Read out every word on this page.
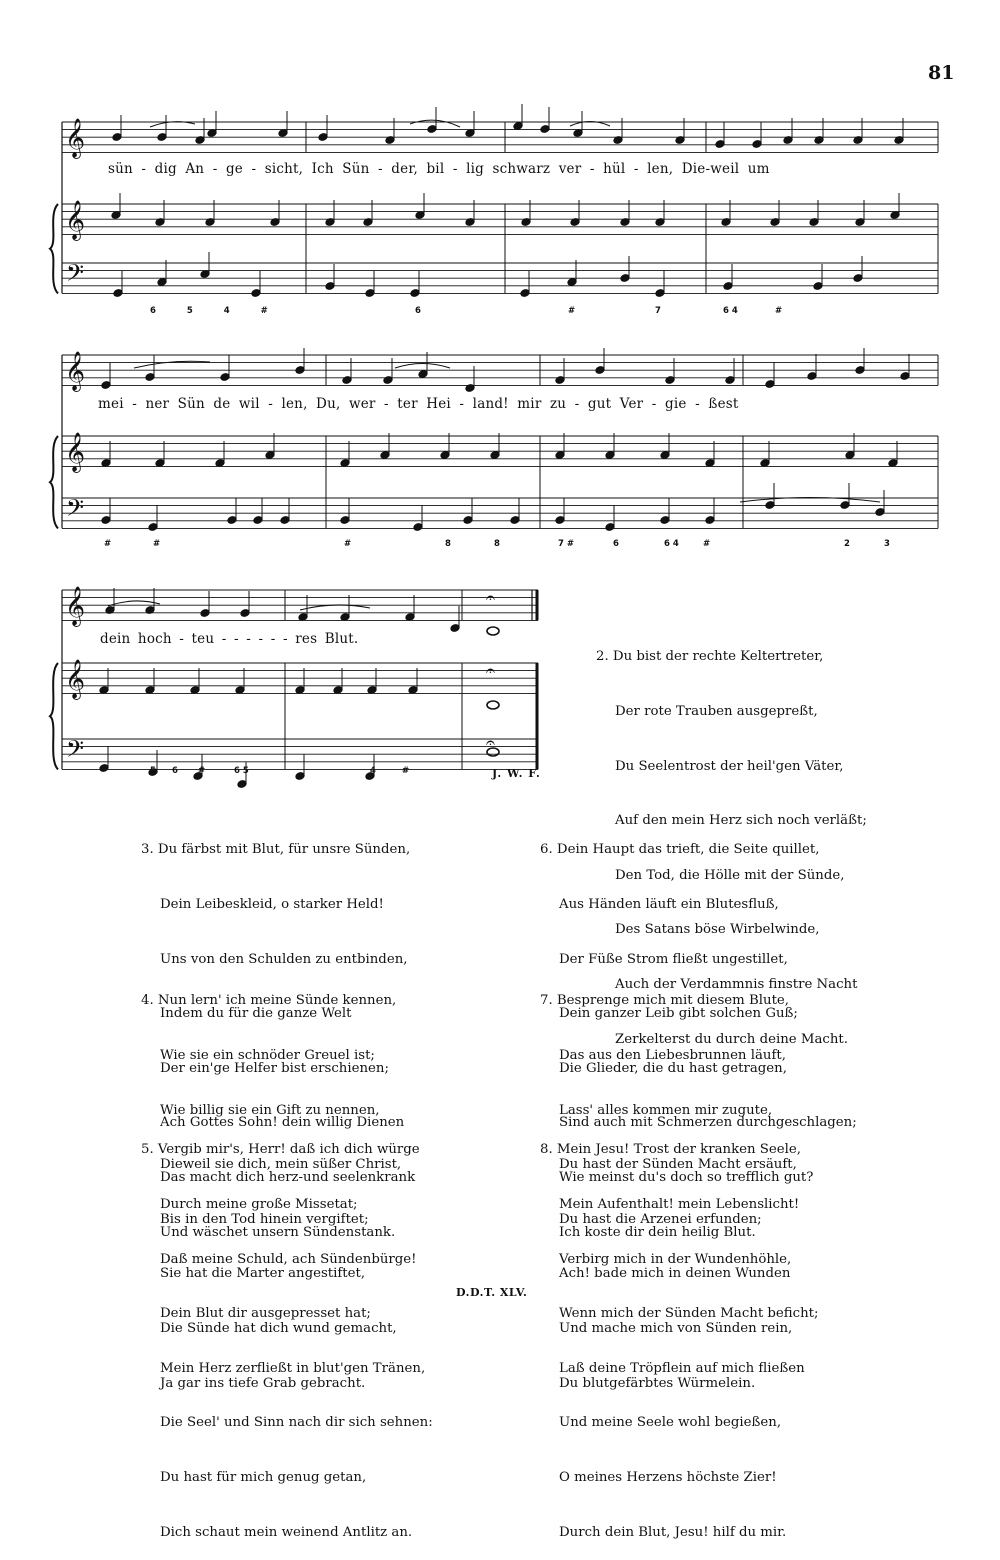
81
𝄞
𝄞
𝄢
𝄞
𝄞
𝄢
𝄞
𝄞
𝄢
𝄐
𝄐
𝄐
sün - dig An - ge - sicht, Ich Sün - der, bil - lig schwarz ver - hül - len, Die-weil um
6 5 4 #	6	#	7	6 4	#
mei - ner Sün de wil - len, Du, wer - ter Hei - land! mir zu - gut Ver - gie - ßest
#	#	#	8	8	7 #	6	6 4	#	2	3
dein hoch - teu - - - - - - res Blut.
5 6 #	6 5	4	#	J. W. F.

2. Du bist der rechte Keltertreter,

Der rote Trauben ausgepreßt,

Du Seelentrost der heil'gen Väter,

Auf den mein Herz sich noch verläßt;

Den Tod, die Hölle mit der Sünde,

Des Satans böse Wirbelwinde,

Auch der Verdammnis finstre Nacht

Zerkelterst du durch deine Macht.

3. Du färbst mit Blut, für unsre Sünden,

Dein Leibeskleid, o starker Held!

Uns von den Schulden zu entbinden,

Indem du für die ganze Welt

Der ein'ge Helfer bist erschienen;

Ach Gottes Sohn! dein willig Dienen

Das macht dich herz-und seelenkrank

Und wäschet unsern Sündenstank.

4. Nun lern' ich meine Sünde kennen,

Wie sie ein schnöder Greuel ist;

Wie billig sie ein Gift zu nennen,

Dieweil sie dich, mein süßer Christ,

Bis in den Tod hinein vergiftet;

Sie hat die Marter angestiftet,

Die Sünde hat dich wund gemacht,

Ja gar ins tiefe Grab gebracht.

5. Vergib mir's, Herr! daß ich dich würge

Durch meine große Missetat;

Daß meine Schuld, ach Sündenbürge!

Dein Blut dir ausgepresset hat;

Mein Herz zerfließt in blut'gen Tränen,

Die Seel' und Sinn nach dir sich sehnen:

Du hast für mich genug getan,

Dich schaut mein weinend Antlitz an.

6. Dein Haupt das trieft, die Seite quillet,

Aus Händen läuft ein Blutesfluß,

Der Füße Strom fließt ungestillet,

Dein ganzer Leib gibt solchen Guß;

Die Glieder, die du hast getragen,

Sind auch mit Schmerzen durchgeschlagen;

Wie meinst du's doch so trefflich gut?

Ich koste dir dein heilig Blut.

7. Besprenge mich mit diesem Blute,

Das aus den Liebesbrunnen läuft,

Lass' alles kommen mir zugute,

Du hast der Sünden Macht ersäuft,

Du hast die Arzenei erfunden;

Ach! bade mich in deinen Wunden

Und mache mich von Sünden rein,

Du blutgefärbtes Würmelein.

8. Mein Jesu! Trost der kranken Seele,

Mein Aufenthalt! mein Lebenslicht!

Verbirg mich in der Wundenhöhle,

Wenn mich der Sünden Macht beficht;

Laß deine Tröpflein auf mich fließen

Und meine Seele wohl begießen,

O meines Herzens höchste Zier!

Durch dein Blut, Jesu! hilf du mir.

D.D.T. XLV.
